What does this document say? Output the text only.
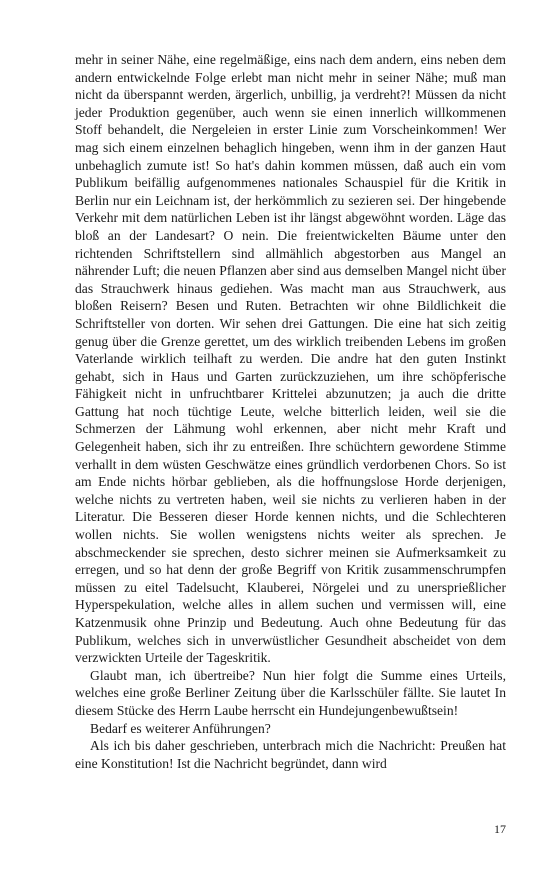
mehr in seiner Nähe, eine regelmäßige, eins nach dem andern, eins neben dem andern entwickelnde Folge erlebt man nicht mehr in seiner Nähe; muß man nicht da überspannt werden, ärgerlich, unbillig, ja verdreht?! Müssen da nicht jeder Produktion gegenüber, auch wenn sie einen innerlich willkommenen Stoff behandelt, die Nergeleien in erster Linie zum Vorscheinkommen! Wer mag sich einem einzelnen behaglich hingeben, wenn ihm in der ganzen Haut unbehaglich zumute ist! So hat's dahin kommen müssen, daß auch ein vom Publikum beifällig aufgenommenes nationales Schauspiel für die Kritik in Berlin nur ein Leichnam ist, der herkömmlich zu sezieren sei. Der hingebende Verkehr mit dem natürlichen Leben ist ihr längst abgewöhnt worden. Läge das bloß an der Landesart? O nein. Die freientwickelten Bäume unter den richtenden Schriftstellern sind allmählich abgestorben aus Mangel an nährender Luft; die neuen Pflanzen aber sind aus demselben Mangel nicht über das Strauchwerk hinaus gediehen. Was macht man aus Strauchwerk, aus bloßen Reisern? Besen und Ruten. Betrachten wir ohne Bildlichkeit die Schriftsteller von dorten. Wir sehen drei Gattungen. Die eine hat sich zeitig genug über die Grenze gerettet, um des wirklich treibenden Lebens im großen Vaterlande wirklich teilhaft zu werden. Die andre hat den guten Instinkt gehabt, sich in Haus und Garten zurückzuziehen, um ihre schöpferische Fähigkeit nicht in unfruchtbarer Krittelei abzunutzen; ja auch die dritte Gattung hat noch tüchtige Leute, welche bitterlich leiden, weil sie die Schmerzen der Lähmung wohl erkennen, aber nicht mehr Kraft und Gelegenheit haben, sich ihr zu entreißen. Ihre schüchtern gewordene Stimme verhallt in dem wüsten Geschwätze eines gründlich verdorbenen Chors. So ist am Ende nichts hörbar geblieben, als die hoffnungslose Horde derjenigen, welche nichts zu vertreten haben, weil sie nichts zu verlieren haben in der Literatur. Die Besseren dieser Horde kennen nichts, und die Schlechteren wollen nichts. Sie wollen wenigstens nichts weiter als sprechen. Je abschmeckender sie sprechen, desto sichrer meinen sie Aufmerksamkeit zu erregen, und so hat denn der große Begriff von Kritik zusammenschrumpfen müssen zu eitel Tadelsucht, Klauberei, Nörgelei und zu unersprießlicher Hyperspekulation, welche alles in allem suchen und vermissen will, eine Katzenmusik ohne Prinzip und Bedeutung. Auch ohne Bedeutung für das Publikum, welches sich in unverwüstlicher Gesundheit abscheidet von dem verzwickten Urteile der Tageskritik.

Glaubt man, ich übertreibe? Nun hier folgt die Summe eines Urteils, welches eine große Berliner Zeitung über die Karlsschüler fällte. Sie lautet In diesem Stücke des Herrn Laube herrscht ein Hundejungenbewußtsein!

Bedarf es weiterer Anführungen?

Als ich bis daher geschrieben, unterbrach mich die Nachricht: Preußen hat eine Konstitution! Ist die Nachricht begründet, dann wird

17
